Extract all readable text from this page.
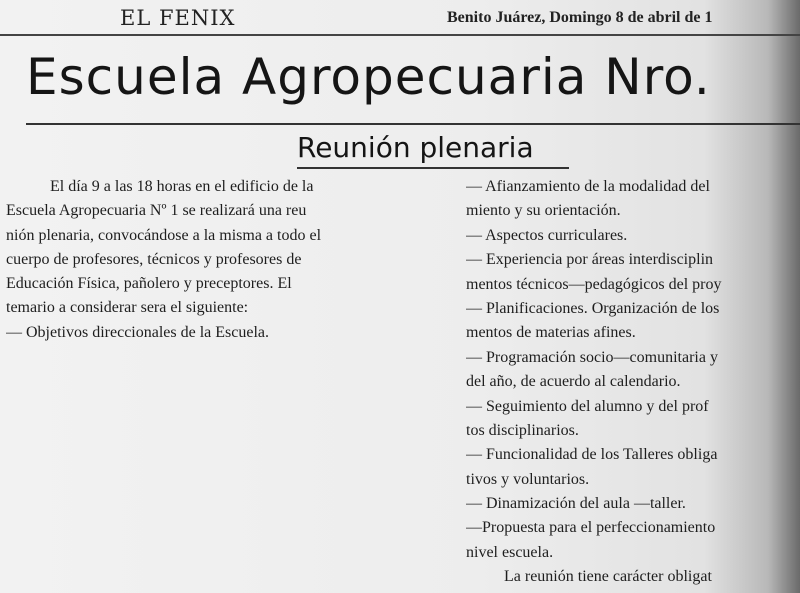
EL FENIX	Benito Juárez, Domingo 8 de abril de 1
Escuela Agropecuaria Nro.
Reunión plenaria
El día 9 a las 18 horas en el edificio de la
Escuela Agropecuaria Nº 1 se realizará una reu
nión plenaria, convocándose a la misma a todo el
cuerpo de profesores, técnicos y profesores de
Educación Física, pañolero y preceptores. El
temario a considerar sera el siguiente:
— Objetivos direccionales de la Escuela.
— Afianzamiento de la modalidad del
miento y su orientación.
— Aspectos curriculares.
— Experiencia por áreas interdisciplin
mentos técnicos—pedagógicos del proy
— Planificaciones. Organización de los
mentos de materias afines.
— Programación socio—comunitaria y
del año, de acuerdo al calendario.
— Seguimiento del alumno y del prof
tos disciplinarios.
— Funcionalidad de los Talleres obliga
tivos y voluntarios.
— Dinamización del aula —taller.
—Propuesta para el perfeccionamiento
nivel escuela.
La reunión tiene carácter obligat
